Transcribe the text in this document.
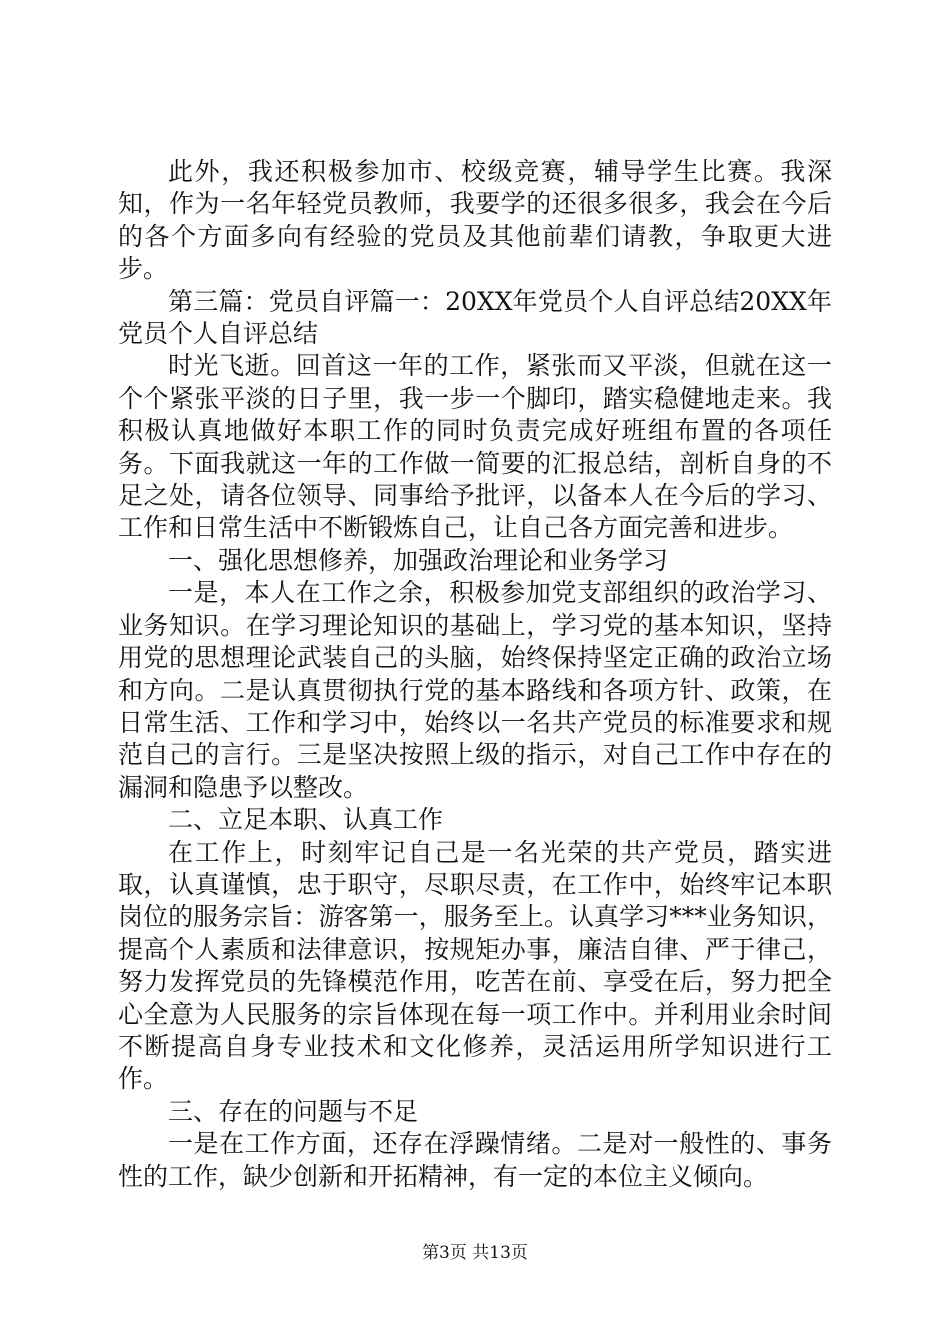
此外，我还积极参加市、校级竞赛，辅导学生比赛。我深知，作为一名年轻党员教师，我要学的还很多很多，我会在今后的各个方面多向有经验的党员及其他前辈们请教，争取更大进步。

第三篇：党员自评篇一：20XX年党员个人自评总结20XX年党员个人自评总结

时光飞逝。回首这一年的工作，紧张而又平淡，但就在这一个个紧张平淡的日子里，我一步一个脚印，踏实稳健地走来。我积极认真地做好本职工作的同时负责完成好班组布置的各项任务。下面我就这一年的工作做一简要的汇报总结，剖析自身的不足之处，请各位领导、同事给予批评，以备本人在今后的学习、工作和日常生活中不断锻炼自己，让自己各方面完善和进步。

一、强化思想修养，加强政治理论和业务学习

一是，本人在工作之余，积极参加党支部组织的政治学习、业务知识。在学习理论知识的基础上，学习党的基本知识，坚持用党的思想理论武装自己的头脑，始终保持坚定正确的政治立场和方向。二是认真贯彻执行党的基本路线和各项方针、政策，在日常生活、工作和学习中，始终以一名共产党员的标准要求和规范自己的言行。三是坚决按照上级的指示，对自己工作中存在的漏洞和隐患予以整改。

二、立足本职、认真工作

在工作上，时刻牢记自己是一名光荣的共产党员，踏实进取，认真谨慎，忠于职守，尽职尽责，在工作中，始终牢记本职岗位的服务宗旨：游客第一，服务至上。认真学习***业务知识，提高个人素质和法律意识，按规矩办事，廉洁自律、严于律己，努力发挥党员的先锋模范作用，吃苦在前、享受在后，努力把全心全意为人民服务的宗旨体现在每一项工作中。并利用业余时间不断提高自身专业技术和文化修养，灵活运用所学知识进行工作。

三、存在的问题与不足

一是在工作方面，还存在浮躁情绪。二是对一般性的、事务性的工作，缺少创新和开拓精神，有一定的本位主义倾向。

第3页 共13页
